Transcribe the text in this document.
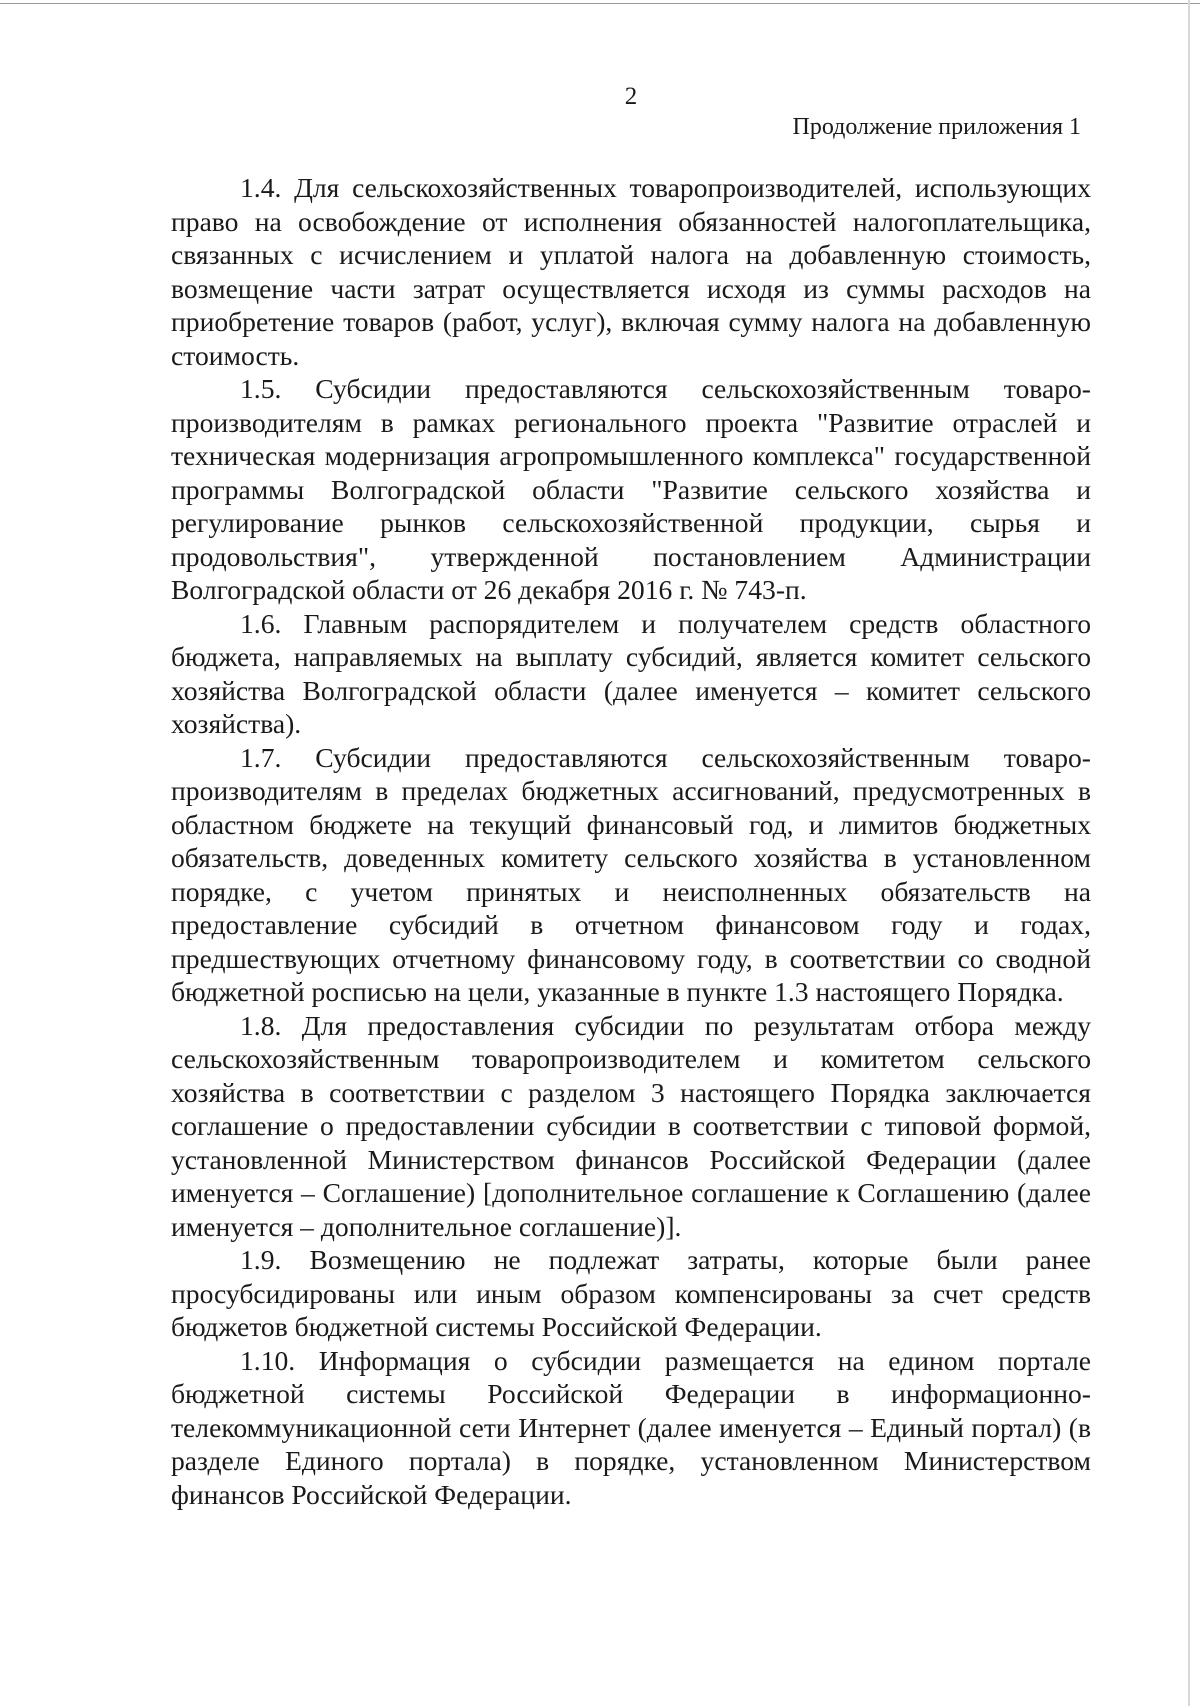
2
Продолжение приложения 1

1.4. Для сельскохозяйственных товаропроизводителей, использующих право на освобождение от исполнения обязанностей налогоплательщика, связанных с исчислением и уплатой налога на добавленную стоимость, возмещение части затрат осуществляется исходя из суммы расходов на приобретение товаров (работ, услуг), включая сумму налога на добавленную стоимость.

1.5. Субсидии предоставляются сельскохозяйственным товаропроизводителям в рамках регионального проекта "Развитие отраслей и техническая модернизация агропромышленного комплекса" государственной программы Волгоградской области "Развитие сельского хозяйства и регулирование рынков сельскохозяйственной продукции, сырья и продовольствия", утвержденной постановлением Администрации Волгоградской области от 26 декабря 2016 г. № 743-п.

1.6. Главным распорядителем и получателем средств областного бюджета, направляемых на выплату субсидий, является комитет сельского хозяйства Волгоградской области (далее именуется – комитет сельского хозяйства).

1.7. Субсидии предоставляются сельскохозяйственным товаропроизводителям в пределах бюджетных ассигнований, предусмотренных в областном бюджете на текущий финансовый год, и лимитов бюджетных обязательств, доведенных комитету сельского хозяйства в установленном порядке, с учетом принятых и неисполненных обязательств на предоставление субсидий в отчетном финансовом году и годах, предшествующих отчетному финансовому году, в соответствии со сводной бюджетной росписью на цели, указанные в пункте 1.3 настоящего Порядка.

1.8. Для предоставления субсидии по результатам отбора между сельскохозяйственным товаропроизводителем и комитетом сельского хозяйства в соответствии с разделом 3 настоящего Порядка заключается соглашение о предоставлении субсидии в соответствии с типовой формой, установленной Министерством финансов Российской Федерации (далее именуется – Соглашение) [дополнительное соглашение к Соглашению (далее именуется – дополнительное соглашение)].

1.9. Возмещению не подлежат затраты, которые были ранее просубсидированы или иным образом компенсированы за счет средств бюджетов бюджетной системы Российской Федерации.

1.10. Информация о субсидии размещается на едином портале бюджетной системы Российской Федерации в информационно-телекоммуникационной сети Интернет (далее именуется – Единый портал) (в разделе Единого портала) в порядке, установленном Министерством финансов Российской Федерации.
